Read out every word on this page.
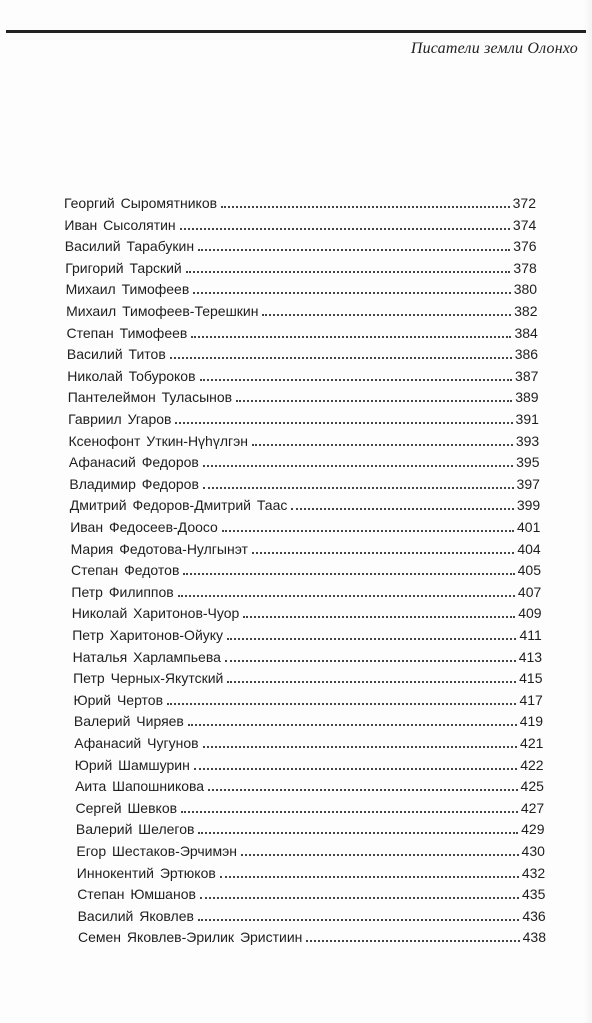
Писатели земли Олонхо
Георгий Сыромятников	372
Иван Сысолятин	374
Василий Тарабукин	376
Григорий Тарский	378
Михаил Тимофеев	380
Михаил Тимофеев-Терешкин	382
Степан Тимофеев	384
Василий Титов	386
Николай Тобуроков	387
Пантелеймон Туласынов	389
Гавриил Угаров	391
Ксенофонт Уткин-Нүһүлгэн	393
Афанасий Федоров	395
Владимир Федоров	397
Дмитрий Федоров-Дмитрий Таас	399
Иван Федосеев-Доосо	401
Мария Федотова-Нулгынэт	404
Степан Федотов	405
Петр Филиппов	407
Николай Харитонов-Чуор	409
Петр Харитонов-Ойуку	411
Наталья Харлампьева	413
Петр Черных-Якутский	415
Юрий Чертов	417
Валерий Чиряев	419
Афанасий Чугунов	421
Юрий Шамшурин	422
Аита Шапошникова	425
Сергей Шевков	427
Валерий Шелегов	429
Егор Шестаков-Эрчимэн	430
Иннокентий Эртюков	432
Степан Юмшанов	435
Василий Яковлев	436
Семен Яковлев-Эрилик Эристиин	438
